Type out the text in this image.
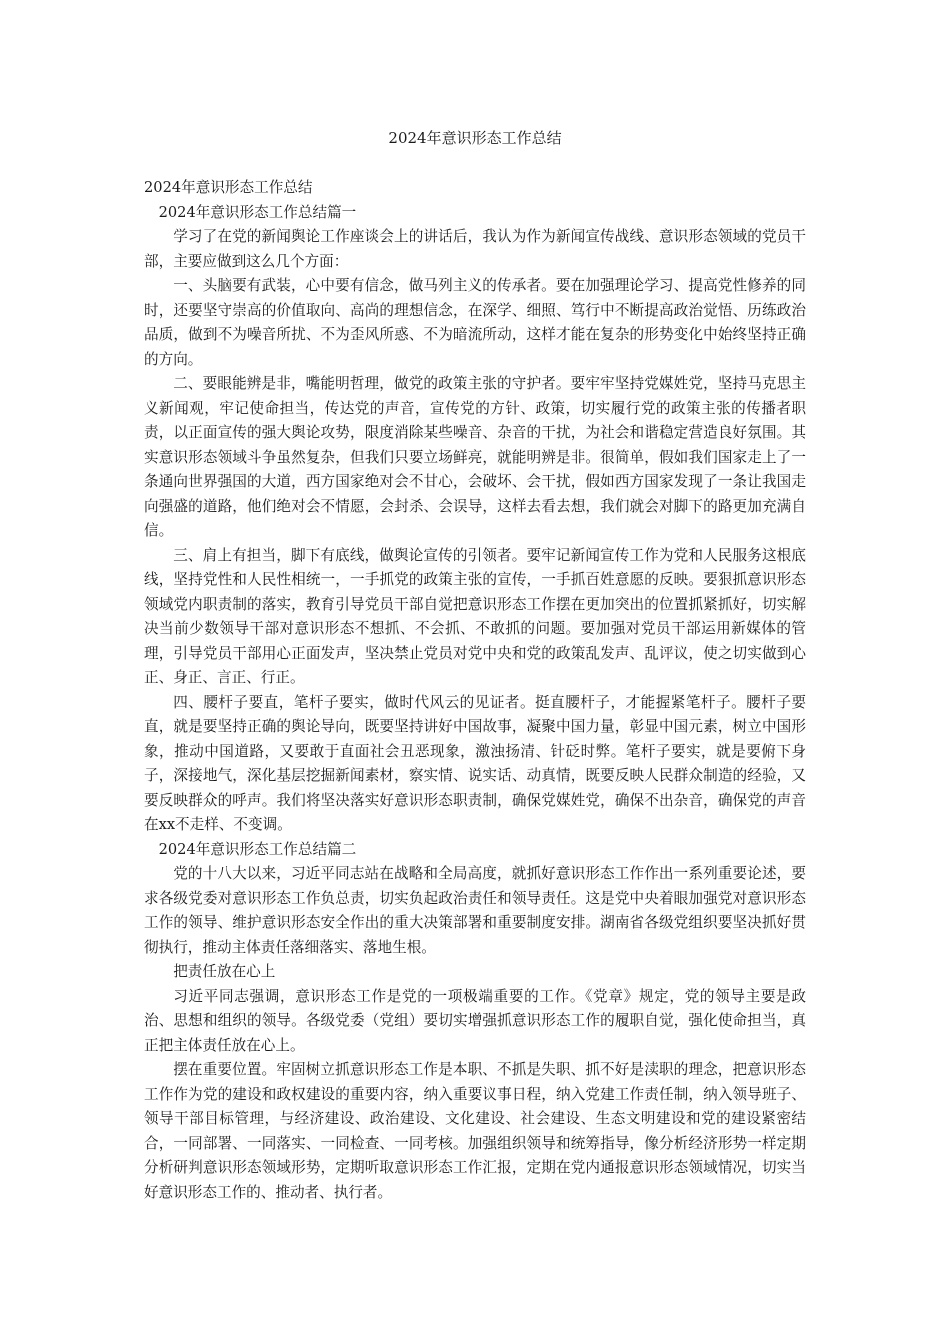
2024年意识形态工作总结

2024年意识形态工作总结

2024年意识形态工作总结篇一

学习了在党的新闻舆论工作座谈会上的讲话后，我认为作为新闻宣传战线、意识形态领域的党员干部，主要应做到这么几个方面：

一、头脑要有武装，心中要有信念，做马列主义的传承者。要在加强理论学习、提高党性修养的同时，还要坚守崇高的价值取向、高尚的理想信念，在深学、细照、笃行中不断提高政治觉悟、历练政治品质，做到不为噪音所扰、不为歪风所惑、不为暗流所动，这样才能在复杂的形势变化中始终坚持正确的方向。

二、要眼能辨是非，嘴能明哲理，做党的政策主张的守护者。要牢牢坚持党媒姓党，坚持马克思主义新闻观，牢记使命担当，传达党的声音，宣传党的方针、政策，切实履行党的政策主张的传播者职责，以正面宣传的强大舆论攻势，限度消除某些噪音、杂音的干扰，为社会和谐稳定营造良好氛围。其实意识形态领域斗争虽然复杂，但我们只要立场鲜亮，就能明辨是非。很简单，假如我们国家走上了一条通向世界强国的大道，西方国家绝对会不甘心，会破坏、会干扰，假如西方国家发现了一条让我国走向强盛的道路，他们绝对会不情愿，会封杀、会误导，这样去看去想，我们就会对脚下的路更加充满自信。

三、肩上有担当，脚下有底线，做舆论宣传的引领者。要牢记新闻宣传工作为党和人民服务这根底线，坚持党性和人民性相统一，一手抓党的政策主张的宣传，一手抓百姓意愿的反映。要狠抓意识形态领域党内职责制的落实，教育引导党员干部自觉把意识形态工作摆在更加突出的位置抓紧抓好，切实解决当前少数领导干部对意识形态不想抓、不会抓、不敢抓的问题。要加强对党员干部运用新媒体的管理，引导党员干部用心正面发声，坚决禁止党员对党中央和党的政策乱发声、乱评议，使之切实做到心正、身正、言正、行正。

四、腰杆子要直，笔杆子要实，做时代风云的见证者。挺直腰杆子，才能握紧笔杆子。腰杆子要直，就是要坚持正确的舆论导向，既要坚持讲好中国故事，凝聚中国力量，彰显中国元素，树立中国形象，推动中国道路，又要敢于直面社会丑恶现象，激浊扬清、针砭时弊。笔杆子要实，就是要俯下身子，深接地气，深化基层挖掘新闻素材，察实情、说实话、动真情，既要反映人民群众制造的经验，又要反映群众的呼声。我们将坚决落实好意识形态职责制，确保党媒姓党，确保不出杂音，确保党的声音在xx不走样、不变调。

2024年意识形态工作总结篇二

党的十八大以来，习近平同志站在战略和全局高度，就抓好意识形态工作作出一系列重要论述，要求各级党委对意识形态工作负总责，切实负起政治责任和领导责任。这是党中央着眼加强党对意识形态工作的领导、维护意识形态安全作出的重大决策部署和重要制度安排。湖南省各级党组织要坚决抓好贯彻执行，推动主体责任落细落实、落地生根。

把责任放在心上

习近平同志强调，意识形态工作是党的一项极端重要的工作。《党章》规定，党的领导主要是政治、思想和组织的领导。各级党委（党组）要切实增强抓意识形态工作的履职自觉，强化使命担当，真正把主体责任放在心上。

摆在重要位置。牢固树立抓意识形态工作是本职、不抓是失职、抓不好是渎职的理念，把意识形态工作作为党的建设和政权建设的重要内容，纳入重要议事日程，纳入党建工作责任制，纳入领导班子、领导干部目标管理，与经济建设、政治建设、文化建设、社会建设、生态文明建设和党的建设紧密结合，一同部署、一同落实、一同检查、一同考核。加强组织领导和统筹指导，像分析经济形势一样定期分析研判意识形态领域形势，定期听取意识形态工作汇报，定期在党内通报意识形态领域情况，切实当好意识形态工作的、推动者、执行者。
